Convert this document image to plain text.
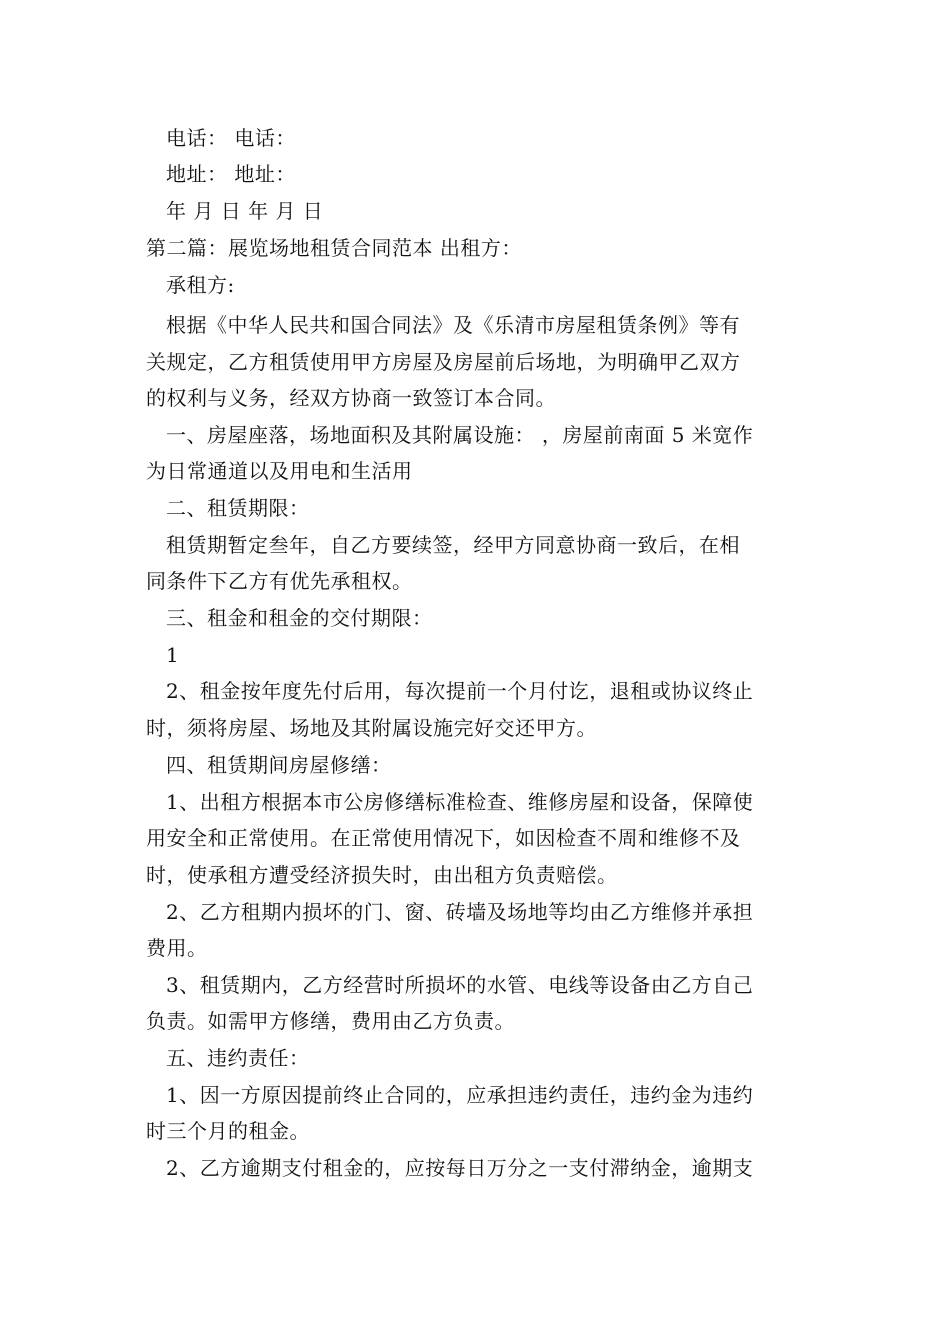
电话： 电话：
地址： 地址：
年 月 日 年 月 日
第二篇：展览场地租赁合同范本 出租方：
承租方:
根据《中华人民共和国合同法》及《乐清市房屋租赁条例》等有
关规定，乙方租赁使用甲方房屋及房屋前后场地，为明确甲乙双方
的权利与义务，经双方协商一致签订本合同。
一、房屋座落，场地面积及其附属设施： ，房屋前南面 5 米宽作
为日常通道以及用电和生活用
二、租赁期限：
租赁期暂定叁年，自乙方要续签，经甲方同意协商一致后，在相
同条件下乙方有优先承租权。
三、租金和租金的交付期限：
1
2、租金按年度先付后用，每次提前一个月付讫，退租或协议终止
时，须将房屋、场地及其附属设施完好交还甲方。
四、租赁期间房屋修缮：
1、出租方根据本市公房修缮标准检查、维修房屋和设备，保障使
用安全和正常使用。在正常使用情况下，如因检查不周和维修不及
时，使承租方遭受经济损失时，由出租方负责赔偿。
2、乙方租期内损坏的门、窗、砖墙及场地等均由乙方维修并承担
费用。
3、租赁期内，乙方经营时所损坏的水管、电线等设备由乙方自己
负责。如需甲方修缮，费用由乙方负责。
五、违约责任：
1、因一方原因提前终止合同的，应承担违约责任，违约金为违约
时三个月的租金。
2、乙方逾期支付租金的，应按每日万分之一支付滞纳金，逾期支
